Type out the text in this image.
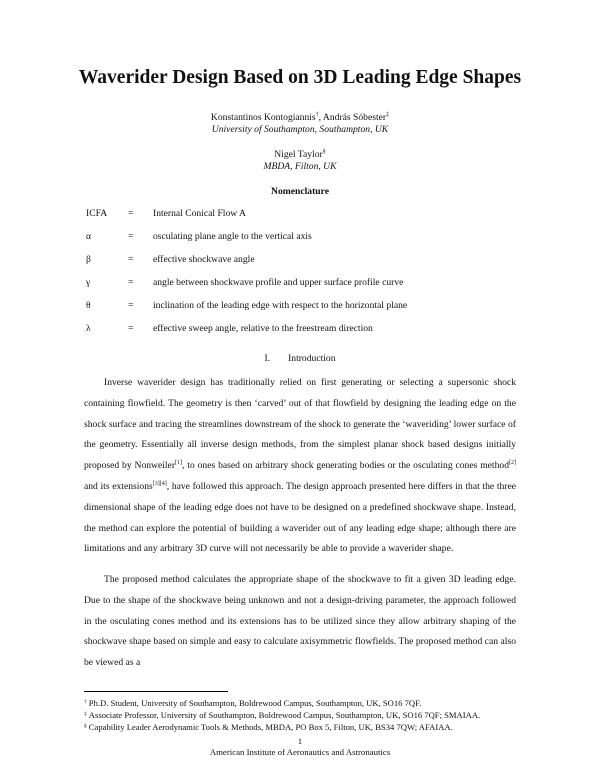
Waverider Design Based on 3D Leading Edge Shapes
Konstantinos Kontogiannis†, András Sóbester‡
University of Southampton, Southampton, UK
Nigel Taylor§
MBDA, Filton, UK
Nomenclature
ICFA = Internal Conical Flow A
α	= osculating plane angle to the vertical axis
β	= effective shockwave angle
γ	= angle between shockwave profile and upper surface profile curve
θ	= inclination of the leading edge with respect to the horizontal plane
λ	= effective sweep angle, relative to the freestream direction
I. Introduction

Inverse waverider design has traditionally relied on first generating or selecting a supersonic shock containing flowfield. The geometry is then ‘carved’ out of that flowfield by designing the leading edge on the shock surface and tracing the streamlines downstream of the shock to generate the ‘waveriding’ lower surface of the geometry. Essentially all inverse design methods, from the simplest planar shock based designs initially proposed by Nonweiler[1], to ones based on arbitrary shock generating bodies or the osculating cones method[2] and its extensions[3][4], have followed this approach. The design approach presented here differs in that the three dimensional shape of the leading edge does not have to be designed on a predefined shockwave shape. Instead, the method can explore the potential of building a waverider out of any leading edge shape; although there are limitations and any arbitrary 3D curve will not necessarily be able to provide a waverider shape.

The proposed method calculates the appropriate shape of the shockwave to fit a given 3D leading edge. Due to the shape of the shockwave being unknown and not a design-driving parameter, the approach followed in the osculating cones method and its extensions has to be utilized since they allow arbitrary shaping of the shockwave shape based on simple and easy to calculate axisymmetric flowfields. The proposed method can also be viewed as a

† Ph.D. Student, University of Southampton, Boldrewood Campus, Southampton, UK, SO16 7QF.
‡ Associate Professor, University of Southampton, Boldrewood Campus, Southampton, UK, SO16 7QF; SMAIAA.
§ Capability Leader Aerodynamic Tools & Methods, MBDA, PO Box 5, Filton, UK, BS34 7QW; AFAIAA.
1
American Institute of Aeronautics and Astronautics
